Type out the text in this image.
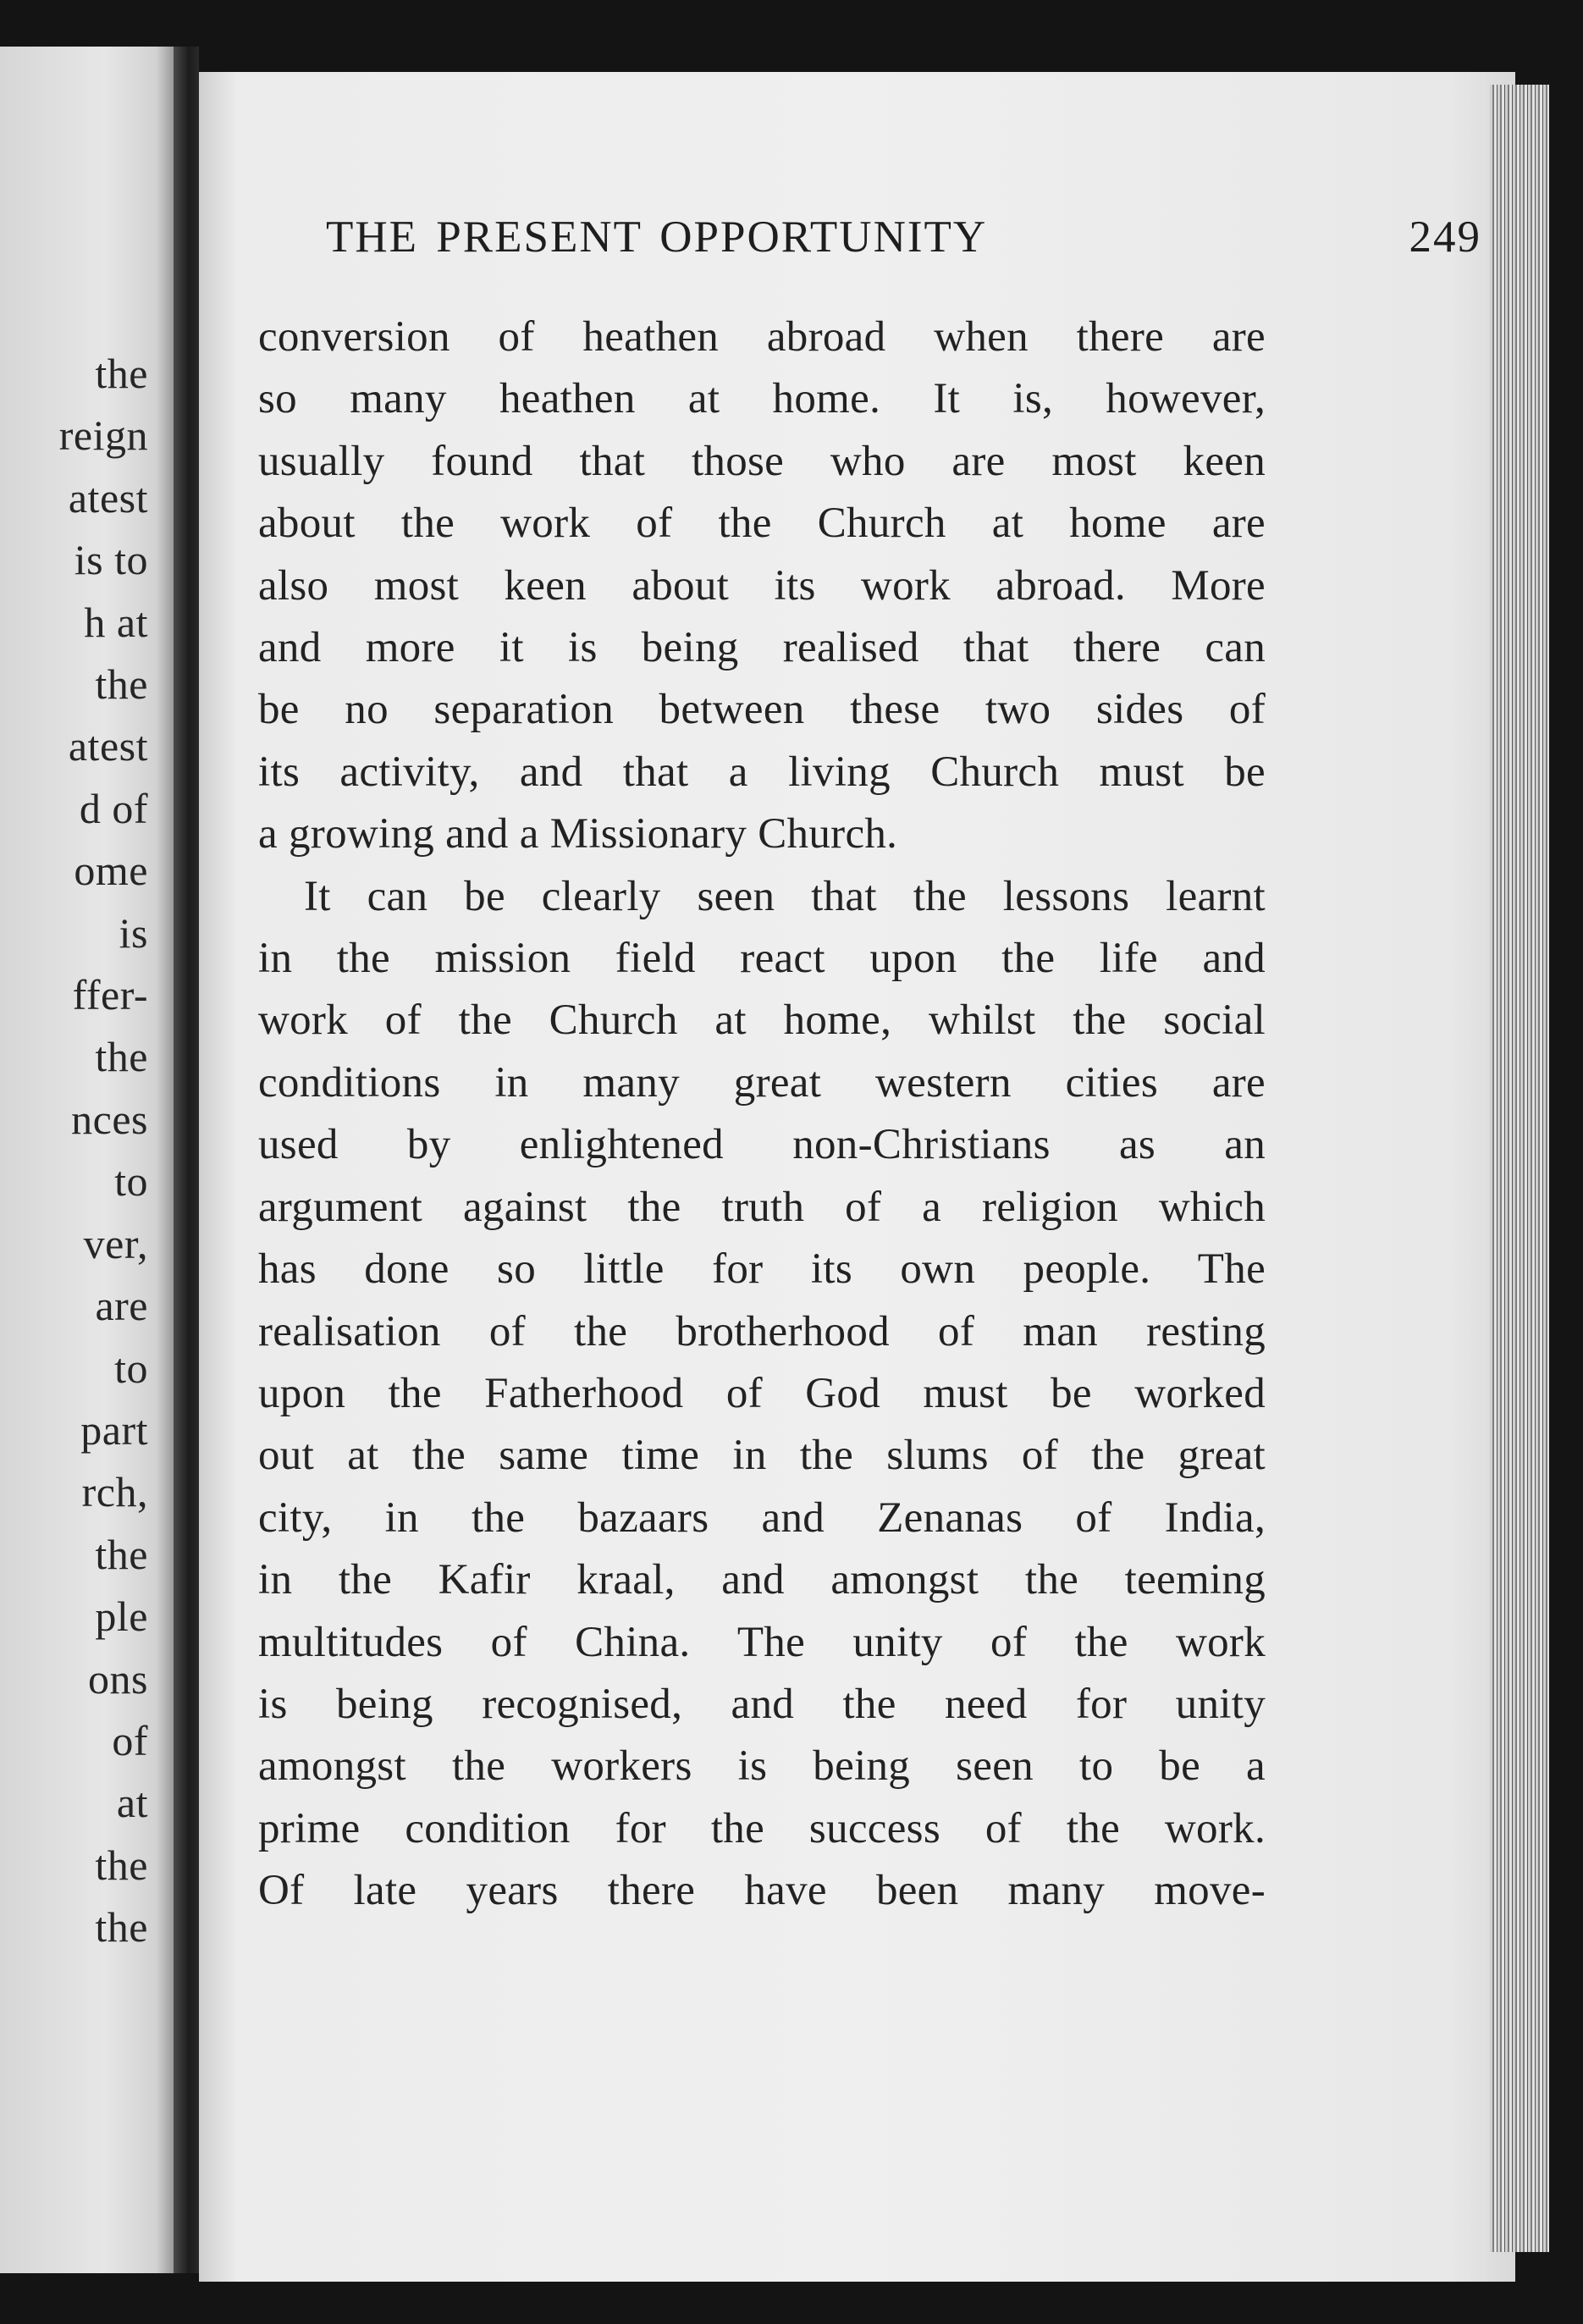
the
reign
atest
is to
h at
the
atest
d of
ome
is
ffer-
the
nces
to
ver,
are
to
part
rch,
the
ple
ons
of
at
the
the
THE PRESENT OPPORTUNITY	249
conversion of heathen abroad when there are
so many heathen at home. It is, however,
usually found that those who are most keen
about the work of the Church at home are
also most keen about its work abroad. More
and more it is being realised that there can
be no separation between these two sides of
its activity, and that a living Church must be
a growing and a Missionary Church.
It can be clearly seen that the lessons learnt
in the mission field react upon the life and
work of the Church at home, whilst the social
conditions in many great western cities are
used by enlightened non-Christians as an
argument against the truth of a religion which
has done so little for its own people. The
realisation of the brotherhood of man resting
upon the Fatherhood of God must be worked
out at the same time in the slums of the great
city, in the bazaars and Zenanas of India,
in the Kafir kraal, and amongst the teeming
multitudes of China. The unity of the work
is being recognised, and the need for unity
amongst the workers is being seen to be a
prime condition for the success of the work.
Of late years there have been many move-
